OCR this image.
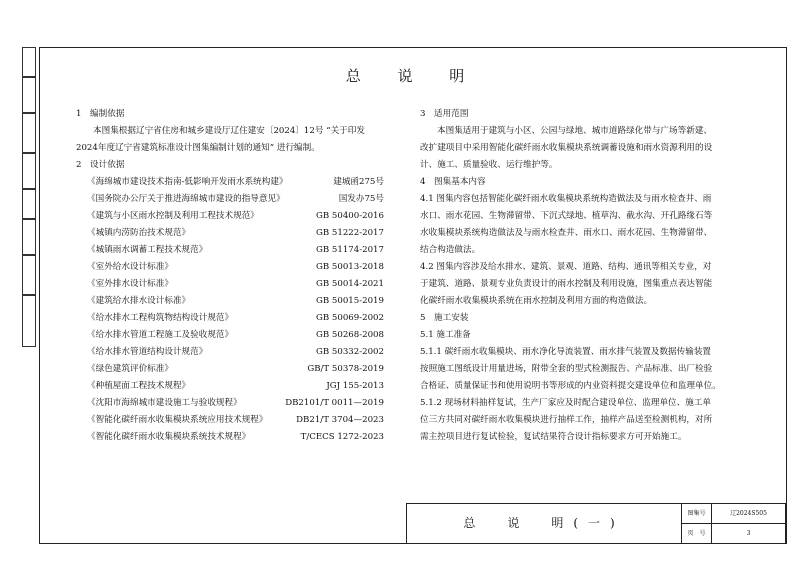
总 说 明

1　编制依据

本图集根据辽宁省住房和城乡建设厅辽住建安〔2024〕12号 “关于印发

2024年度辽宁省建筑标准设计图集编制计划的通知” 进行编制。

2　设计依据

《海绵城市建设技术指南-低影响开发雨水系统构建》	建城函275号

《国务院办公厅关于推进海绵城市建设的指导意见》	国发办75号

《建筑与小区雨水控制及利用工程技术规范》	GB 50400-2016

《城镇内涝防治技术规范》	GB 51222-2017

《城镇雨水调蓄工程技术规范》	GB 51174-2017

《室外给水设计标准》	GB 50013-2018

《室外排水设计标准》	GB 50014-2021

《建筑给水排水设计标准》	GB 50015-2019

《给水排水工程构筑物结构设计规范》	GB 50069-2002

《给水排水管道工程施工及验收规范》	GB 50268-2008

《给水排水管道结构设计规范》	GB 50332-2002

《绿色建筑评价标准》	GB/T 50378-2019

《种植屋面工程技术规程》	JGJ 155-2013

《沈阳市海绵城市建设施工与验收规程》	DB2101/T 0011—2019

《智能化碳纤雨水收集模块系统应用技术规程》	DB21/T 3704—2023

《智能化碳纤雨水收集模块系统技术规程》	T/CECS 1272-2023

3　适用范围

本图集适用于建筑与小区、公园与绿地、城市道路绿化带与广场等新建、

改扩建项目中采用智能化碳纤雨水收集模块系统调蓄设施和雨水资源利用的设

计、施工、质量验收、运行维护等。

4　图集基本内容

4.1 图集内容包括智能化碳纤雨水收集模块系统构造做法及与雨水检查井、雨

水口、雨水花园、生物滞留带、下沉式绿地、植草沟、截水沟、开孔路缘石等

水收集模块系统构造做法及与雨水检查井、雨水口、雨水花园、生物滞留带、

结合构造做法。

4.2 图集内容涉及给水排水、建筑、景观、道路、结构、通讯等相关专业，对

于建筑、道路、景观专业负责设计的雨水控制及利用设施，图集重点表达智能

化碳纤雨水收集模块系统在雨水控制及利用方面的构造做法。

5　施工安装

5.1 施工准备

5.1.1 碳纤雨水收集模块、雨水净化导流装置、雨水排气装置及数据传输装置

按照施工图纸设计用量进场，附带全套的型式检测报告、产品标准、出厂检验

合格证、质量保证书和使用说明书等形成的内业资料提交建设单位和监理单位。

5.1.2 现场材料抽样复试，生产厂家应及时配合建设单位、监理单位、施工单

位三方共同对碳纤雨水收集模块进行抽样工作，抽样产品送至检测机构，对所

需主控项目进行复试检验，复试结果符合设计指标要求方可开始施工。

总　说　明(一)
图集号	辽2024S505
页　号	3
